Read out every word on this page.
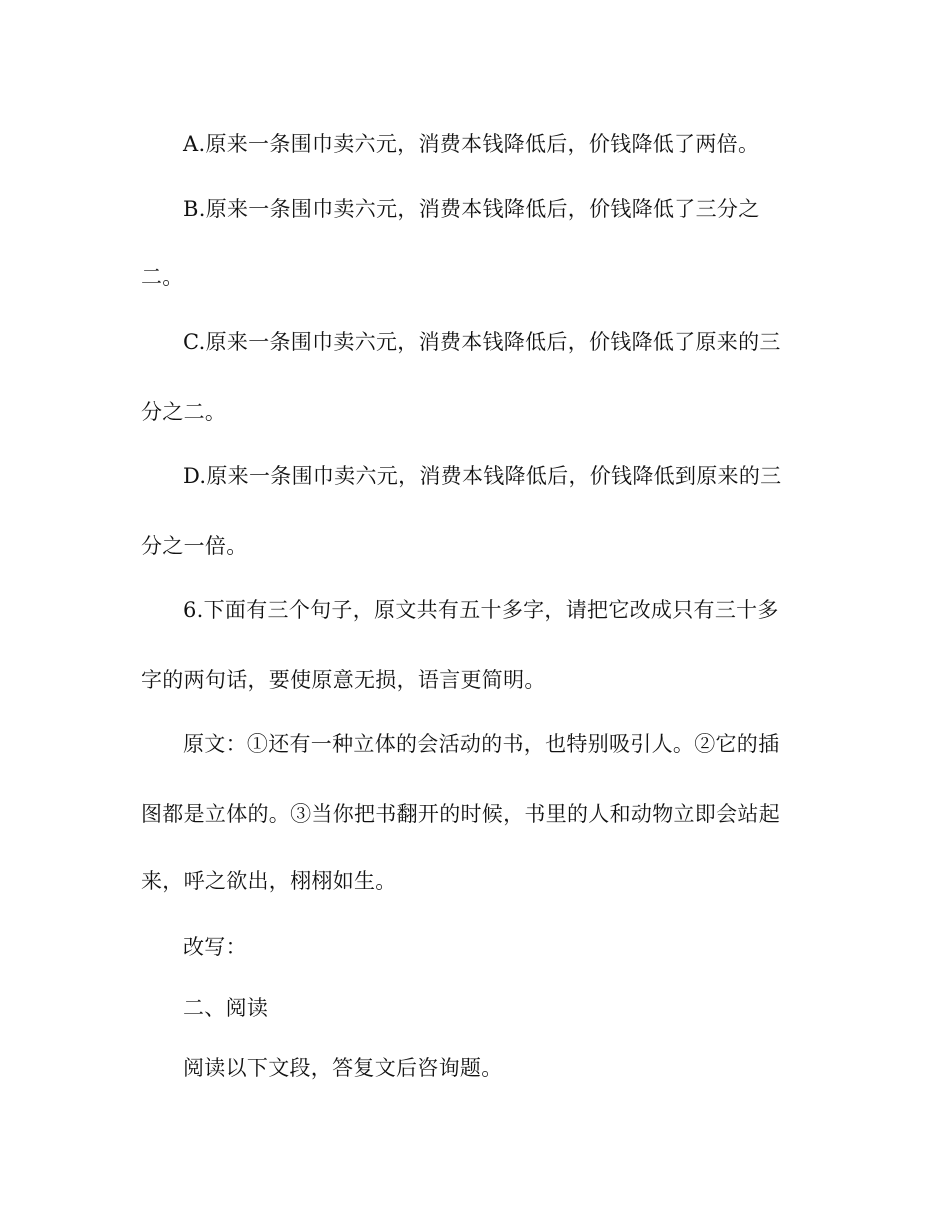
A.原来一条围巾卖六元，消费本钱降低后，价钱降低了两倍。
B.原来一条围巾卖六元，消费本钱降低后，价钱降低了三分之
二。
C.原来一条围巾卖六元，消费本钱降低后，价钱降低了原来的三
分之二。
D.原来一条围巾卖六元，消费本钱降低后，价钱降低到原来的三
分之一倍。
6.下面有三个句子，原文共有五十多字，请把它改成只有三十多
字的两句话，要使原意无损，语言更简明。
原文：①还有一种立体的会活动的书，也特别吸引人。②它的插
图都是立体的。③当你把书翻开的时候，书里的人和动物立即会站起
来，呼之欲出，栩栩如生。
改写：
二、阅读
阅读以下文段，答复文后咨询题。
